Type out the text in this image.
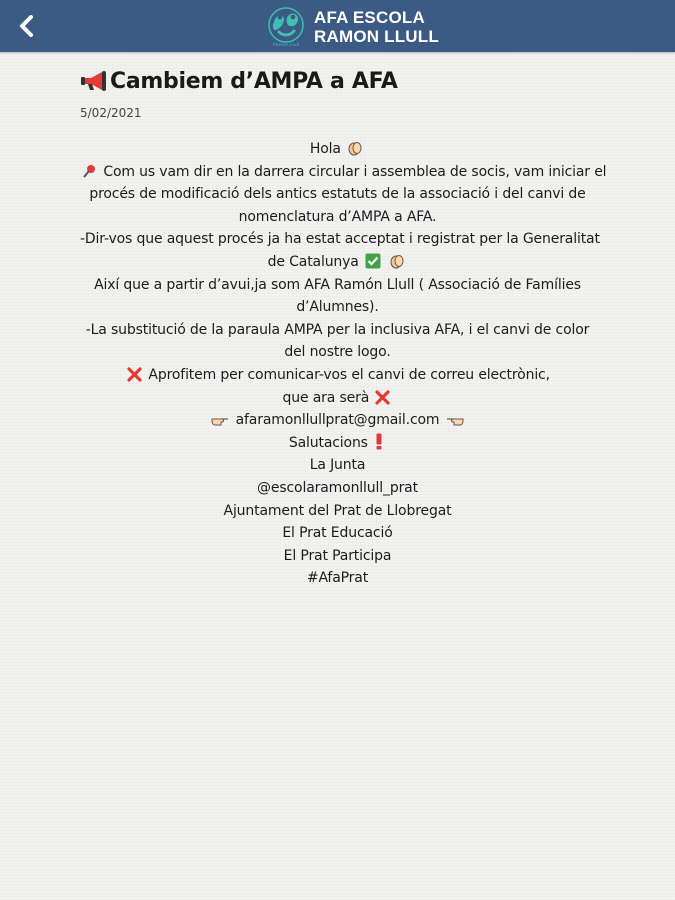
Ramon Llull
AFA ESCOLA
RAMON LLULL
Cambiem d’AMPA a AFA
5/02/2021
Hola
Com us vam dir en la darrera circular i assemblea de socis, vam iniciar el
procés de modificació dels antics estatuts de la associació i del canvi de
nomenclatura d’AMPA a AFA.
-Dir-vos que aquest procés ja ha estat acceptat i registrat per la Generalitat
de Catalunya
Així que a partir d’avui,ja som AFA Ramón Llull ( Associació de Famílies
d’Alumnes).
-La substitució de la paraula AMPA per la inclusiva AFA, i el canvi de color
del nostre logo.
Aprofitem per comunicar-vos el canvi de correu electrònic,
que ara serà
afaramonllullprat@gmail.com
Salutacions
La Junta
@escolaramonllull_prat
Ajuntament del Prat de Llobregat
El Prat Educació
El Prat Participa
#AfaPrat
